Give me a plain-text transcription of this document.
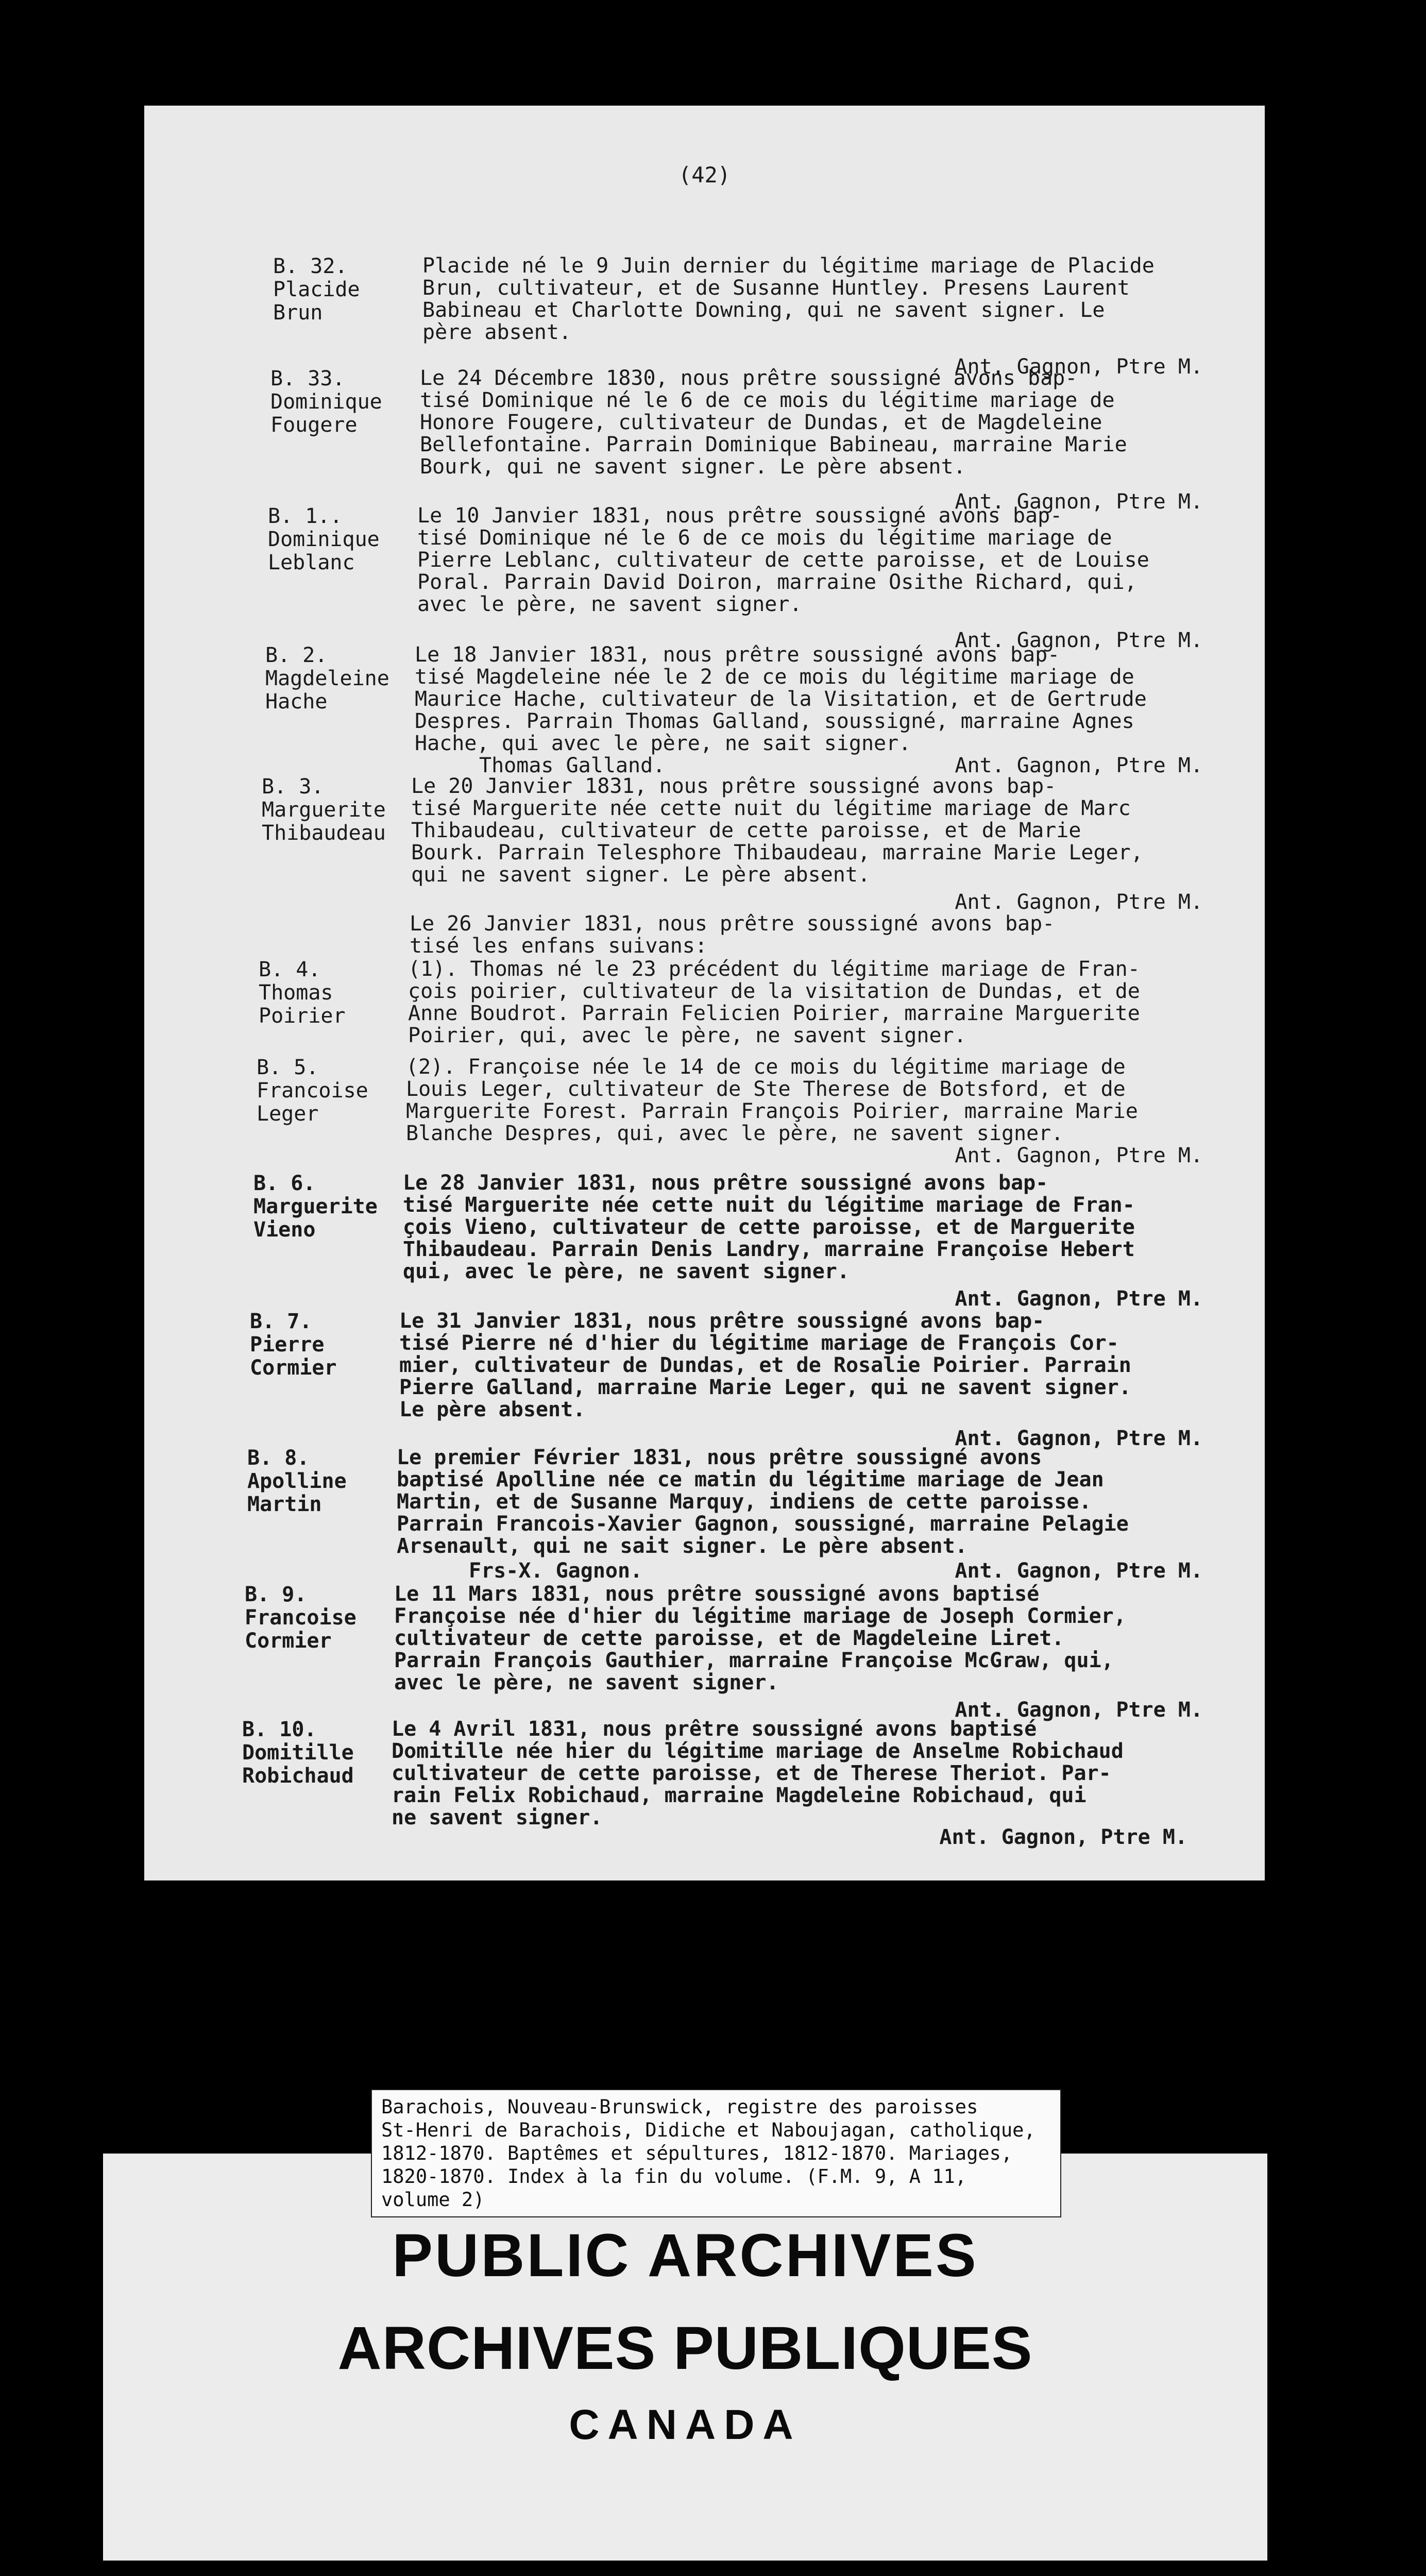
(42)
B. 32.
Placide
Brun
Placide né le 9 Juin dernier du légitime mariage de Placide
Brun, cultivateur, et de Susanne Huntley. Presens Laurent
Babineau et Charlotte Downing, qui ne savent signer. Le
père absent.
Ant. Gagnon, Ptre M.
B. 33.
Dominique
Fougere
Le 24 Décembre 1830, nous prêtre soussigné avons bap-
tisé Dominique né le 6 de ce mois du légitime mariage de
Honore Fougere, cultivateur de Dundas, et de Magdeleine
Bellefontaine. Parrain Dominique Babineau, marraine Marie
Bourk, qui ne savent signer. Le père absent.
Ant. Gagnon, Ptre M.
B. 1..
Dominique
Leblanc
Le 10 Janvier 1831, nous prêtre soussigné avons bap-
tisé Dominique né le 6 de ce mois du légitime mariage de
Pierre Leblanc, cultivateur de cette paroisse, et de Louise
Poral. Parrain David Doiron, marraine Osithe Richard, qui,
avec le père, ne savent signer.
Ant. Gagnon, Ptre M.
B. 2.
Magdeleine
Hache
Le 18 Janvier 1831, nous prêtre soussigné avons bap-
tisé Magdeleine née le 2 de ce mois du légitime mariage de
Maurice Hache, cultivateur de la Visitation, et de Gertrude
Despres. Parrain Thomas Galland, soussigné, marraine Agnes
Hache, qui avec le père, ne sait signer.
Thomas Galland.	Ant. Gagnon, Ptre M.
B. 3.
Marguerite
Thibaudeau
Le 20 Janvier 1831, nous prêtre soussigné avons bap-
tisé Marguerite née cette nuit du légitime mariage de Marc
Thibaudeau, cultivateur de cette paroisse, et de Marie
Bourk. Parrain Telesphore Thibaudeau, marraine Marie Leger,
qui ne savent signer. Le père absent.
Ant. Gagnon, Ptre M.
Le 26 Janvier 1831, nous prêtre soussigné avons bap-
tisé les enfans suivans:
B. 4.
Thomas
Poirier
(1). Thomas né le 23 précédent du légitime mariage de Fran-
çois poirier, cultivateur de la visitation de Dundas, et de
Anne Boudrot. Parrain Felicien Poirier, marraine Marguerite
Poirier, qui, avec le père, ne savent signer.
B. 5.
Francoise
Leger
(2). Françoise née le 14 de ce mois du légitime mariage de
Louis Leger, cultivateur de Ste Therese de Botsford, et de
Marguerite Forest. Parrain François Poirier, marraine Marie
Blanche Despres, qui, avec le père, ne savent signer.
Ant. Gagnon, Ptre M.
B. 6.
Marguerite
Vieno
Le 28 Janvier 1831, nous prêtre soussigné avons bap-
tisé Marguerite née cette nuit du légitime mariage de Fran-
çois Vieno, cultivateur de cette paroisse, et de Marguerite
Thibaudeau. Parrain Denis Landry, marraine Françoise Hebert
qui, avec le père, ne savent signer.
Ant. Gagnon, Ptre M.
B. 7.
Pierre
Cormier
Le 31 Janvier 1831, nous prêtre soussigné avons bap-
tisé Pierre né d'hier du légitime mariage de François Cor-
mier, cultivateur de Dundas, et de Rosalie Poirier. Parrain
Pierre Galland, marraine Marie Leger, qui ne savent signer.
Le père absent.
Ant. Gagnon, Ptre M.
B. 8.
Apolline
Martin
Le premier Février 1831, nous prêtre soussigné avons
baptisé Apolline née ce matin du légitime mariage de Jean
Martin, et de Susanne Marquy, indiens de cette paroisse.
Parrain Francois-Xavier Gagnon, soussigné, marraine Pelagie
Arsenault, qui ne sait signer. Le père absent.
Frs-X. Gagnon.	Ant. Gagnon, Ptre M.
B. 9.
Francoise
Cormier
Le 11 Mars 1831, nous prêtre soussigné avons baptisé
Françoise née d'hier du légitime mariage de Joseph Cormier,
cultivateur de cette paroisse, et de Magdeleine Liret.
Parrain François Gauthier, marraine Françoise McGraw, qui,
avec le père, ne savent signer.
Ant. Gagnon, Ptre M.
B. 10.
Domitille
Robichaud
Le 4 Avril 1831, nous prêtre soussigné avons baptisé
Domitille née hier du légitime mariage de Anselme Robichaud
cultivateur de cette paroisse, et de Therese Theriot. Par-
rain Felix Robichaud, marraine Magdeleine Robichaud, qui
ne savent signer.
Ant. Gagnon, Ptre M.
Barachois, Nouveau-Brunswick, registre des paroisses
St-Henri de Barachois, Didiche et Naboujagan, catholique,
1812-1870. Baptêmes et sépultures, 1812-1870. Mariages,
1820-1870. Index à la fin du volume. (F.M. 9, A 11,
volume 2)
PUBLIC ARCHIVES
ARCHIVES PUBLIQUES
CANADA
